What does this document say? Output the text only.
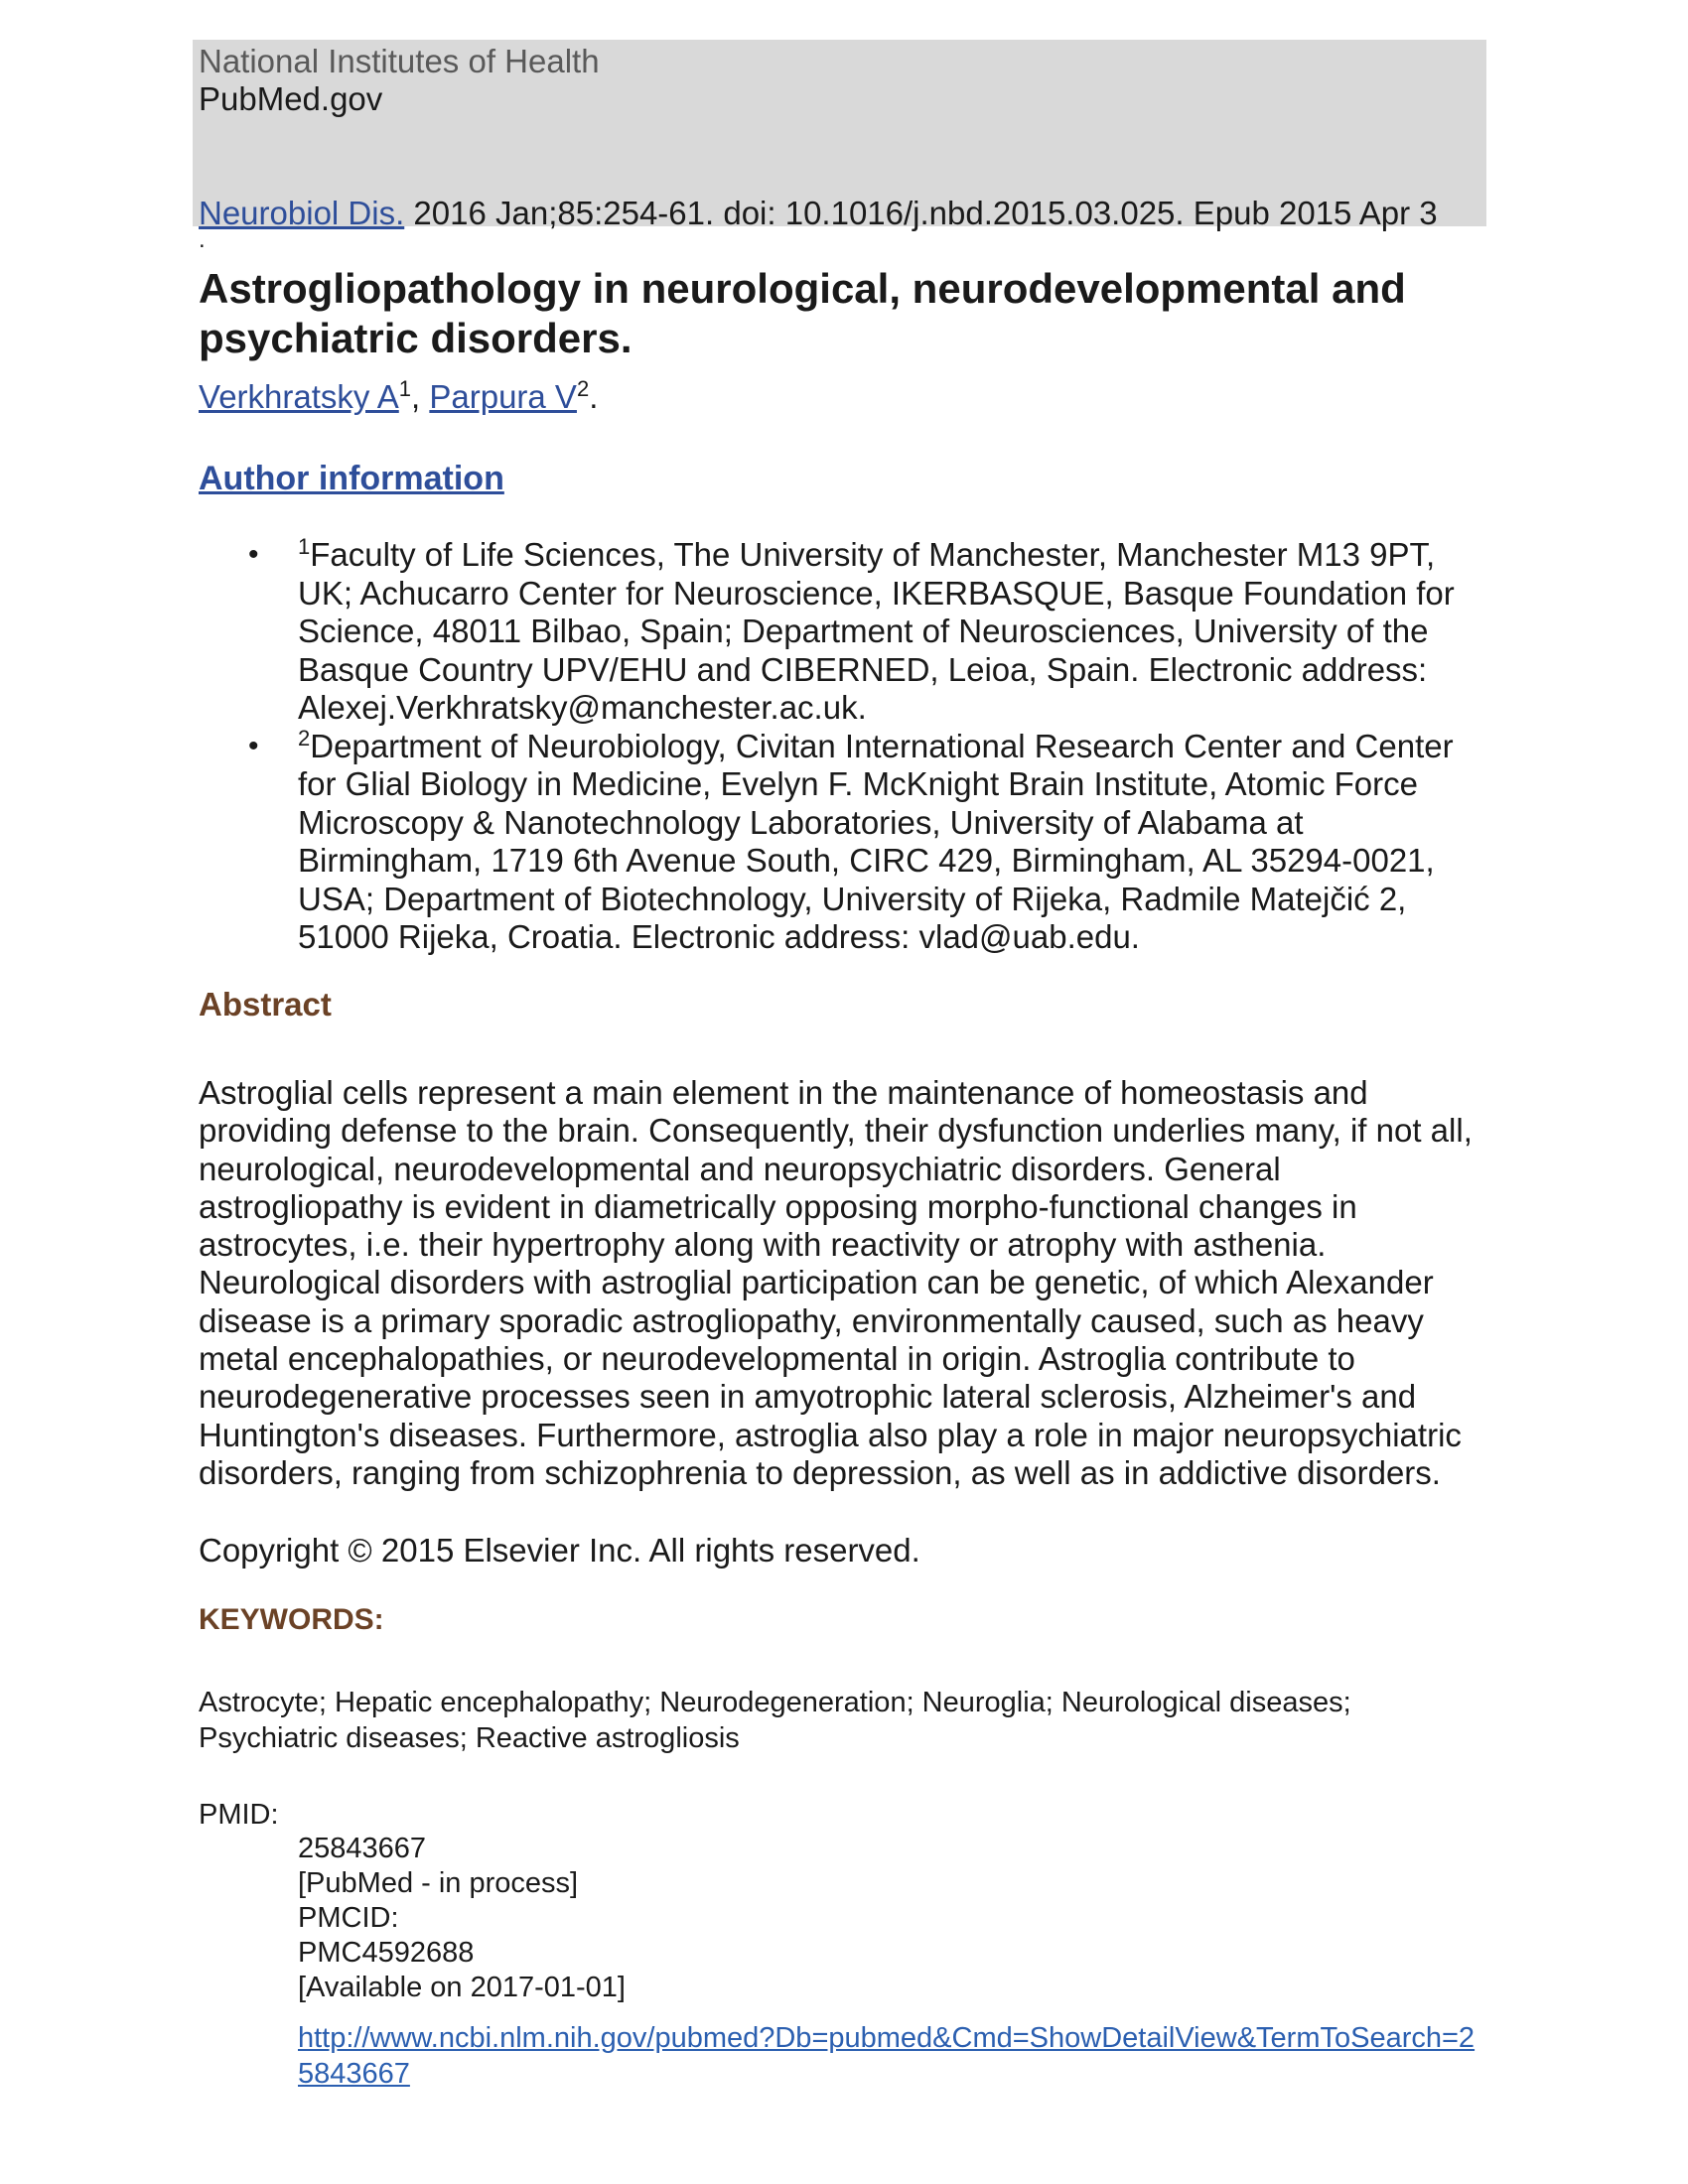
National Institutes of Health
PubMed.gov
Neurobiol Dis. 2016 Jan;85:254-61. doi: 10.1016/j.nbd.2015.03.025. Epub 2015 Apr 3
.
Astrogliopathology in neurological, neurodevelopmental and psychiatric disorders.
Verkhratsky $A^1$, Parpura $V^2$.
Author information
• $^1$Faculty of Life Sciences, The University of Manchester, Manchester M13 9PT, UK; Achucarro Center for Neuroscience, IKERBASQUE, Basque Foundation for Science, 48011 Bilbao, Spain; Department of Neurosciences, University of the Basque Country UPV/EHU and CIBERNED, Leioa, Spain. Electronic address: Alexej.Verkhratsky@manchester.ac.uk.
• $^2$Department of Neurobiology, Civitan International Research Center and Center for Glial Biology in Medicine, Evelyn F. McKnight Brain Institute, Atomic Force Microscopy & Nanotechnology Laboratories, University of Alabama at Birmingham, 1719 6th Avenue South, CIRC 429, Birmingham, AL 35294-0021, USA; Department of Biotechnology, University of Rijeka, Radmile Matejčić 2, 51000 Rijeka, Croatia. Electronic address: vlad@uab.edu.
Abstract

Astroglial cells represent a main element in the maintenance of homeostasis and providing defense to the brain. Consequently, their dysfunction underlies many, if not all, neurological, neurodevelopmental and neuropsychiatric disorders. General astrogliopathy is evident in diametrically opposing morpho-functional changes in astrocytes, i.e. their hypertrophy along with reactivity or atrophy with asthenia. Neurological disorders with astroglial participation can be genetic, of which Alexander disease is a primary sporadic astrogliopathy, environmentally caused, such as heavy metal encephalopathies, or neurodevelopmental in origin. Astroglia contribute to neurodegenerative processes seen in amyotrophic lateral sclerosis, Alzheimer's and Huntington's diseases. Furthermore, astroglia also play a role in major neuropsychiatric disorders, ranging from schizophrenia to depression, as well as in addictive disorders.

Copyright © 2015 Elsevier Inc. All rights reserved.

KEYWORDS:

Astrocyte; Hepatic encephalopathy; Neurodegeneration; Neuroglia; Neurological diseases; Psychiatric diseases; Reactive astrogliosis

PMID:
25843667
[PubMed - in process]
PMCID:
PMC4592688
[Available on 2017-01-01]
http://www.ncbi.nlm.nih.gov/pubmed?Db=pubmed&Cmd=ShowDetailView&TermToSearch=25843667
